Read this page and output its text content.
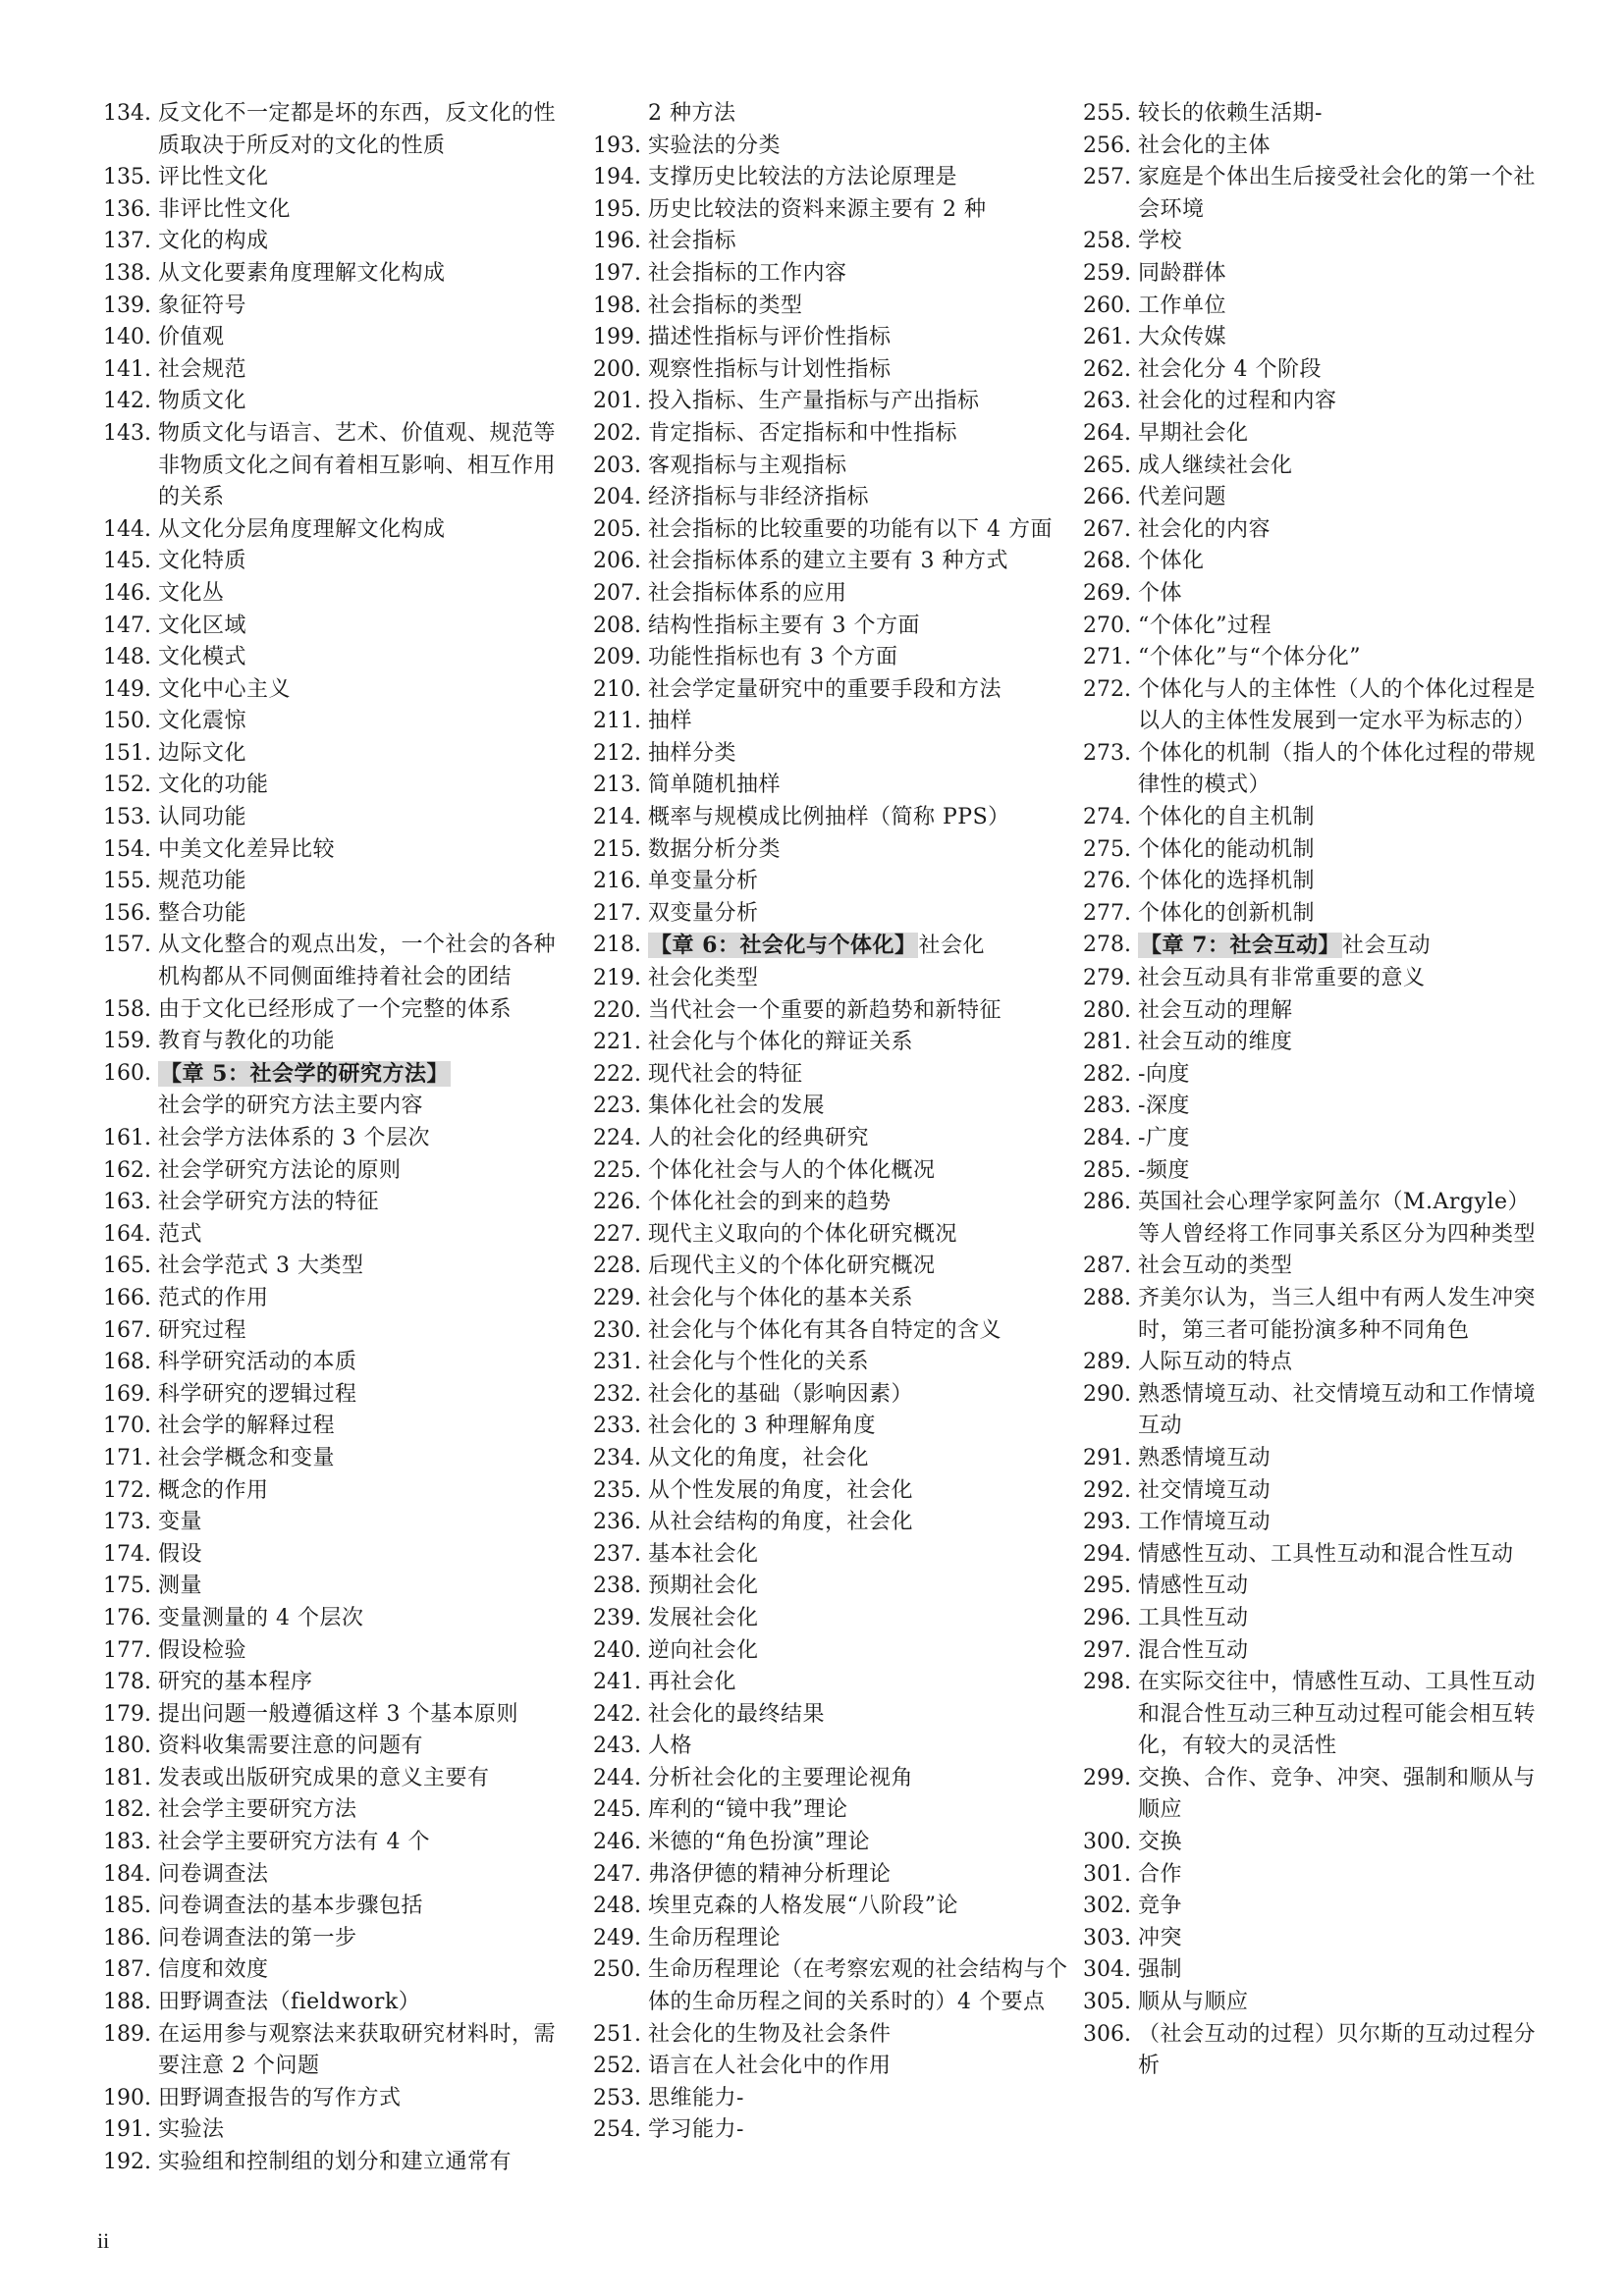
134. 反文化不一定都是坏的东西，反文化的性质取决于所反对的文化的性质
135. 评比性文化
136. 非评比性文化
137. 文化的构成
138. 从文化要素角度理解文化构成
139. 象征符号
140. 价值观
141. 社会规范
142. 物质文化
143. 物质文化与语言、艺术、价值观、规范等非物质文化之间有着相互影响、相互作用的关系
144. 从文化分层角度理解文化构成
145. 文化特质
146. 文化丛
147. 文化区域
148. 文化模式
149. 文化中心主义
150. 文化震惊
151. 边际文化
152. 文化的功能
153. 认同功能
154. 中美文化差异比较
155. 规范功能
156. 整合功能
157. 从文化整合的观点出发，一个社会的各种机构都从不同侧面维持着社会的团结
158. 由于文化已经形成了一个完整的体系
159. 教育与教化的功能
160. 【章 5：社会学的研究方法】
社会学的研究方法主要内容
161. 社会学方法体系的 3 个层次
162. 社会学研究方法论的原则
163. 社会学研究方法的特征
164. 范式
165. 社会学范式 3 大类型
166. 范式的作用
167. 研究过程
168. 科学研究活动的本质
169. 科学研究的逻辑过程
170. 社会学的解释过程
171. 社会学概念和变量
172. 概念的作用
173. 变量
174. 假设
175. 测量
176. 变量测量的 4 个层次
177. 假设检验
178. 研究的基本程序
179. 提出问题一般遵循这样 3 个基本原则
180. 资料收集需要注意的问题有
181. 发表或出版研究成果的意义主要有
182. 社会学主要研究方法
183. 社会学主要研究方法有 4 个
184. 问卷调查法
185. 问卷调查法的基本步骤包括
186. 问卷调查法的第一步
187. 信度和效度
188. 田野调查法（fieldwork）
189. 在运用参与观察法来获取研究材料时，需要注意 2 个问题
190. 田野调查报告的写作方式
191. 实验法
192. 实验组和控制组的划分和建立通常有
2 种方法
193. 实验法的分类
194. 支撑历史比较法的方法论原理是
195. 历史比较法的资料来源主要有 2 种
196. 社会指标
197. 社会指标的工作内容
198. 社会指标的类型
199. 描述性指标与评价性指标
200. 观察性指标与计划性指标
201. 投入指标、生产量指标与产出指标
202. 肯定指标、否定指标和中性指标
203. 客观指标与主观指标
204. 经济指标与非经济指标
205. 社会指标的比较重要的功能有以下 4 方面
206. 社会指标体系的建立主要有 3 种方式
207. 社会指标体系的应用
208. 结构性指标主要有 3 个方面
209. 功能性指标也有 3 个方面
210. 社会学定量研究中的重要手段和方法
211. 抽样
212. 抽样分类
213. 简单随机抽样
214. 概率与规模成比例抽样（简称 PPS）
215. 数据分析分类
216. 单变量分析
217. 双变量分析
218. 【章 6：社会化与个体化】社会化
219. 社会化类型
220. 当代社会一个重要的新趋势和新特征
221. 社会化与个体化的辩证关系
222. 现代社会的特征
223. 集体化社会的发展
224. 人的社会化的经典研究
225. 个体化社会与人的个体化概况
226. 个体化社会的到来的趋势
227. 现代主义取向的个体化研究概况
228. 后现代主义的个体化研究概况
229. 社会化与个体化的基本关系
230. 社会化与个体化有其各自特定的含义
231. 社会化与个性化的关系
232. 社会化的基础（影响因素）
233. 社会化的 3 种理解角度
234. 从文化的角度，社会化
235. 从个性发展的角度，社会化
236. 从社会结构的角度，社会化
237. 基本社会化
238. 预期社会化
239. 发展社会化
240. 逆向社会化
241. 再社会化
242. 社会化的最终结果
243. 人格
244. 分析社会化的主要理论视角
245. 库利的“镜中我”理论
246. 米德的“角色扮演”理论
247. 弗洛伊德的精神分析理论
248. 埃里克森的人格发展“八阶段”论
249. 生命历程理论
250. 生命历程理论（在考察宏观的社会结构与个体的生命历程之间的关系时的）4 个要点
251. 社会化的生物及社会条件
252. 语言在人社会化中的作用
253. 思维能力-
254. 学习能力-
255. 较长的依赖生活期-
256. 社会化的主体
257. 家庭是个体出生后接受社会化的第一个社会环境
258. 学校
259. 同龄群体
260. 工作单位
261. 大众传媒
262. 社会化分 4 个阶段
263. 社会化的过程和内容
264. 早期社会化
265. 成人继续社会化
266. 代差问题
267. 社会化的内容
268. 个体化
269. 个体
270. “个体化”过程
271. “个体化”与“个体分化”
272. 个体化与人的主体性（人的个体化过程是以人的主体性发展到一定水平为标志的）
273. 个体化的机制（指人的个体化过程的带规律性的模式）
274. 个体化的自主机制
275. 个体化的能动机制
276. 个体化的选择机制
277. 个体化的创新机制
278. 【章 7：社会互动】社会互动
279. 社会互动具有非常重要的意义
280. 社会互动的理解
281. 社会互动的维度
282. -向度
283. -深度
284. -广度
285. -频度
286. 英国社会心理学家阿盖尔（M.Argyle）等人曾经将工作同事关系区分为四种类型
287. 社会互动的类型
288. 齐美尔认为，当三人组中有两人发生冲突时，第三者可能扮演多种不同角色
289. 人际互动的特点
290. 熟悉情境互动、社交情境互动和工作情境互动
291. 熟悉情境互动
292. 社交情境互动
293. 工作情境互动
294. 情感性互动、工具性互动和混合性互动
295. 情感性互动
296. 工具性互动
297. 混合性互动
298. 在实际交往中，情感性互动、工具性互动和混合性互动三种互动过程可能会相互转化，有较大的灵活性
299. 交换、合作、竞争、冲突、强制和顺从与顺应
300. 交换
301. 合作
302. 竞争
303. 冲突
304. 强制
305. 顺从与顺应
306. （社会互动的过程）贝尔斯的互动过程分析
ii
